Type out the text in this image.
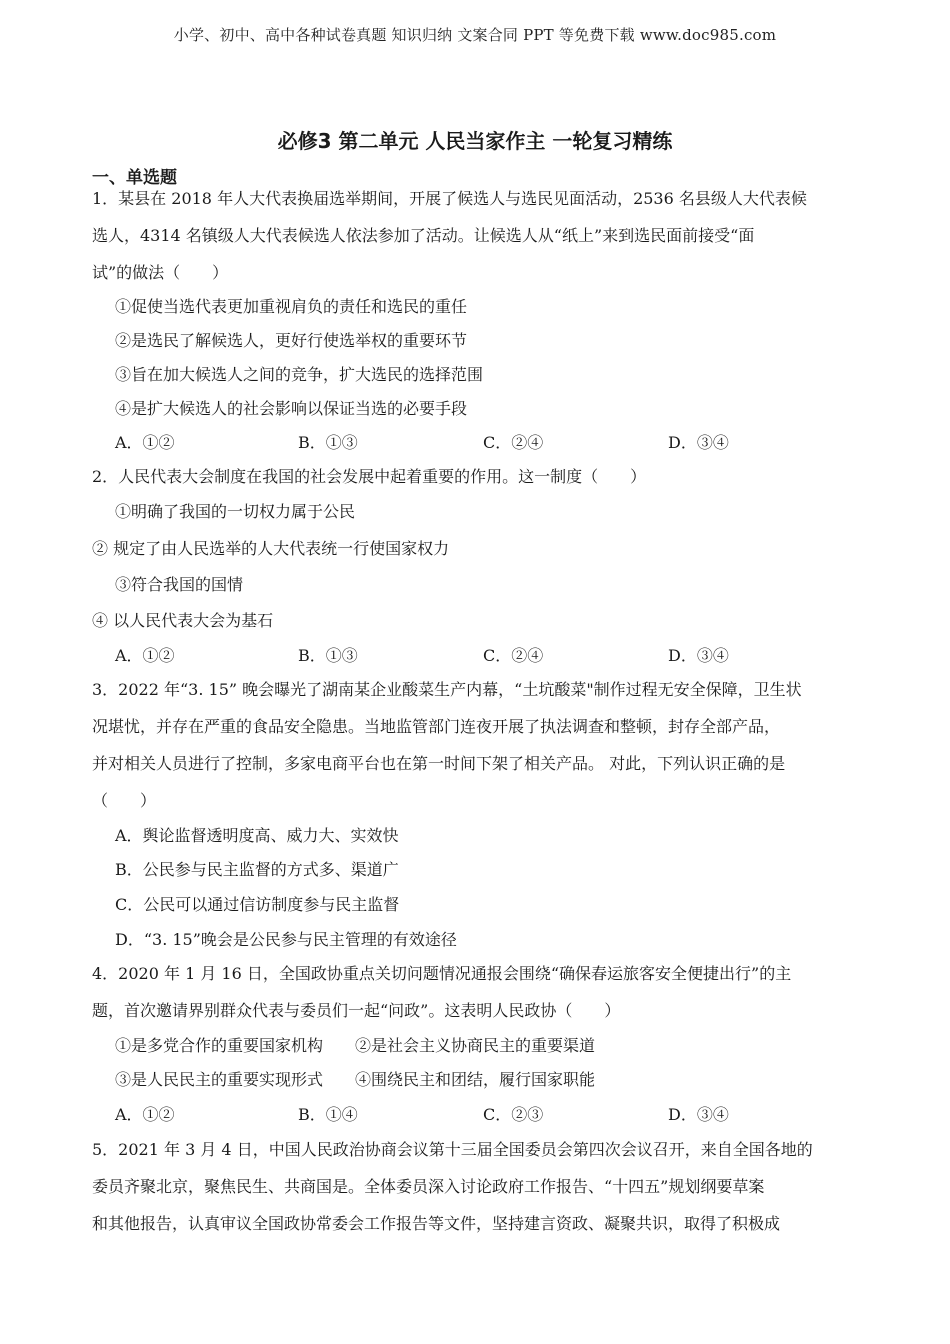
小学、初中、高中各种试卷真题 知识归纳 文案合同 PPT 等免费下载 www.doc985.com
必修3 第二单元 人民当家作主 一轮复习精练
一、单选题
1．某县在 2018 年人大代表换届选举期间，开展了候选人与选民见面活动，2536 名县级人大代表候
选人，4314 名镇级人大代表候选人依法参加了活动。让候选人从“纸上”来到选民面前接受“面
试”的做法（　　）
①促使当选代表更加重视肩负的责任和选民的重任
②是选民了解候选人，更好行使选举权的重要环节
③旨在加大候选人之间的竞争，扩大选民的选择范围
④是扩大候选人的社会影响以保证当选的必要手段
A．①②	B．①③	C．②④	D．③④
2．人民代表大会制度在我国的社会发展中起着重要的作用。这一制度（　　）
①明确了我国的一切权力属于公民
② 规定了由人民选举的人大代表统一行使国家权力
③符合我国的国情
④ 以人民代表大会为基石
A．①②	B．①③	C．②④	D．③④
3．2022 年“3. 15” 晚会曝光了湖南某企业酸菜生产内幕，“土坑酸菜"制作过程无安全保障，卫生状
况堪忧，并存在严重的食品安全隐患。当地监管部门连夜开展了执法调查和整顿，封存全部产品，
并对相关人员进行了控制，多家电商平台也在第一时间下架了相关产品。 对此，下列认识正确的是
（　　）
A．舆论监督透明度高、威力大、实效快
B．公民参与民主监督的方式多、渠道广
C．公民可以通过信访制度参与民主监督
D．“3. 15”晚会是公民参与民主管理的有效途径
4．2020 年 1 月 16 日，全国政协重点关切问题情况通报会围绕“确保春运旅客安全便捷出行”的主
题，首次邀请界别群众代表与委员们一起“问政”。这表明人民政协（　　）
①是多党合作的重要国家机构　　②是社会主义协商民主的重要渠道
③是人民民主的重要实现形式　　④围绕民主和团结，履行国家职能
A．①②	B．①④	C．②③	D．③④
5．2021 年 3 月 4 日，中国人民政治协商会议第十三届全国委员会第四次会议召开，来自全国各地的
委员齐聚北京，聚焦民生、共商国是。全体委员深入讨论政府工作报告、“十四五”规划纲要草案
和其他报告，认真审议全国政协常委会工作报告等文件，坚持建言资政、凝聚共识，取得了积极成
